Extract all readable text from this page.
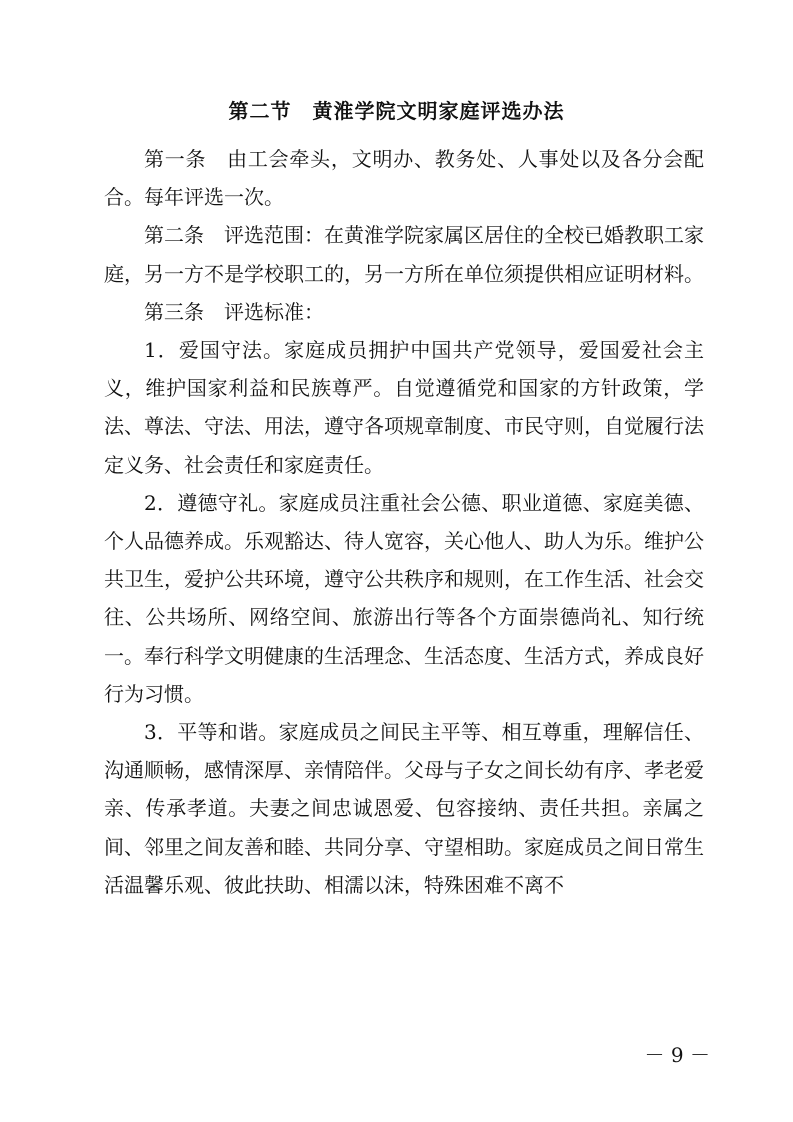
第二节　黄淮学院文明家庭评选办法

第一条　由工会牵头，文明办、教务处、人事处以及各分会配合。每年评选一次。

第二条　评选范围：在黄淮学院家属区居住的全校已婚教职工家庭，另一方不是学校职工的，另一方所在单位须提供相应证明材料。

第三条　评选标准：

1．爱国守法。家庭成员拥护中国共产党领导，爱国爱社会主义，维护国家利益和民族尊严。自觉遵循党和国家的方针政策，学法、尊法、守法、用法，遵守各项规章制度、市民守则，自觉履行法定义务、社会责任和家庭责任。

2．遵德守礼。家庭成员注重社会公德、职业道德、家庭美德、个人品德养成。乐观豁达、待人宽容，关心他人、助人为乐。维护公共卫生，爱护公共环境，遵守公共秩序和规则，在工作生活、社会交往、公共场所、网络空间、旅游出行等各个方面崇德尚礼、知行统一。奉行科学文明健康的生活理念、生活态度、生活方式，养成良好行为习惯。

3．平等和谐。家庭成员之间民主平等、相互尊重，理解信任、沟通顺畅，感情深厚、亲情陪伴。父母与子女之间长幼有序、孝老爱亲、传承孝道。夫妻之间忠诚恩爱、包容接纳、责任共担。亲属之间、邻里之间友善和睦、共同分享、守望相助。家庭成员之间日常生活温馨乐观、彼此扶助、相濡以沫，特殊困难不离不

－ 9 －
